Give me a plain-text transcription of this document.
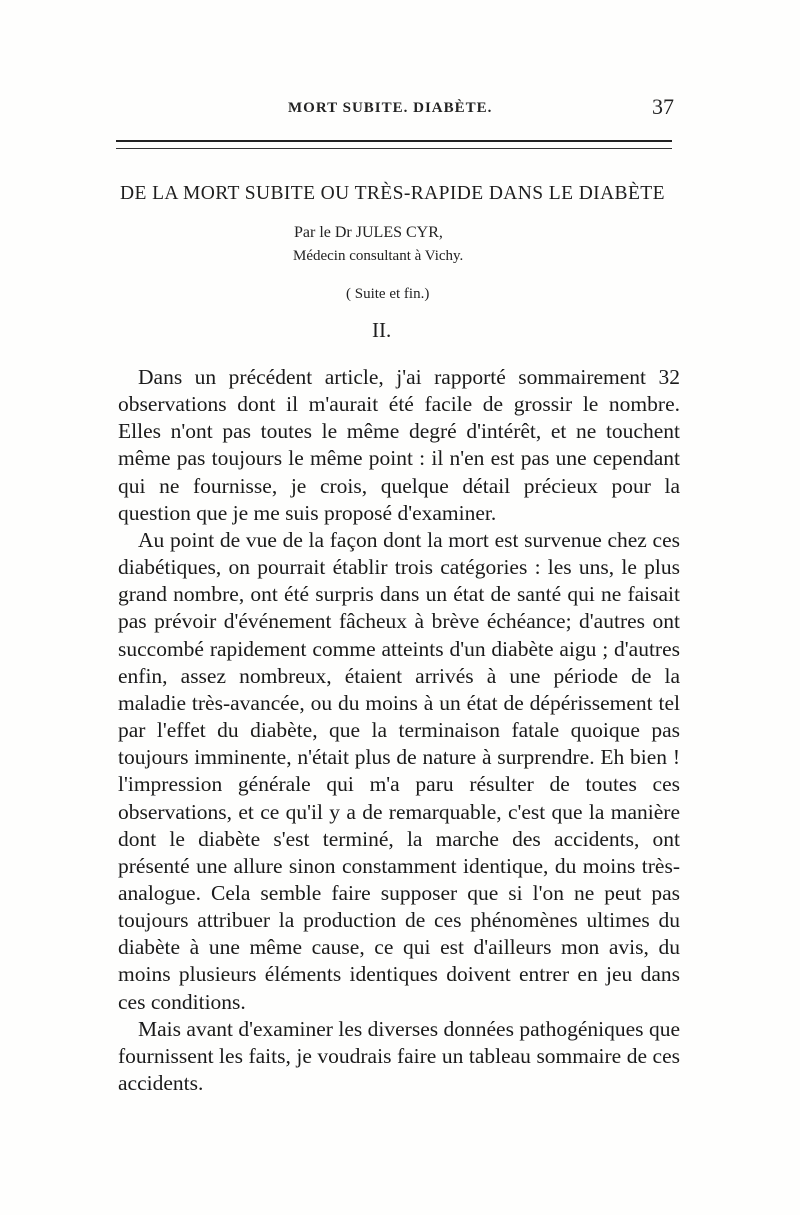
MORT SUBITE. DIABÈTE.	37
DE LA MORT SUBITE OU TRÈS-RAPIDE DANS LE DIABÈTE
Par le Dr JULES CYR,
Médecin consultant à Vichy.
( Suite et fin.)
II.

Dans un précédent article, j'ai rapporté sommairement 32 observations dont il m'aurait été facile de grossir le nombre. Elles n'ont pas toutes le même degré d'intérêt, et ne touchent même pas toujours le même point : il n'en est pas une cependant qui ne fournisse, je crois, quelque détail précieux pour la question que je me suis proposé d'examiner.

Au point de vue de la façon dont la mort est survenue chez ces diabétiques, on pourrait établir trois catégories : les uns, le plus grand nombre, ont été surpris dans un état de santé qui ne faisait pas prévoir d'événement fâcheux à brève échéance; d'autres ont succombé rapidement comme atteints d'un diabète aigu ; d'autres enfin, assez nombreux, étaient arrivés à une période de la maladie très-avancée, ou du moins à un état de dépérissement tel par l'effet du diabète, que la terminaison fatale quoique pas toujours imminente, n'était plus de nature à surprendre. Eh bien ! l'impression générale qui m'a paru résulter de toutes ces observations, et ce qu'il y a de remarquable, c'est que la manière dont le diabète s'est terminé, la marche des accidents, ont présenté une allure sinon constamment identique, du moins très-analogue. Cela semble faire supposer que si l'on ne peut pas toujours attribuer la production de ces phénomènes ultimes du diabète à une même cause, ce qui est d'ailleurs mon avis, du moins plusieurs éléments identiques doivent entrer en jeu dans ces conditions.

Mais avant d'examiner les diverses données pathogéniques que fournissent les faits, je voudrais faire un tableau sommaire de ces accidents.
